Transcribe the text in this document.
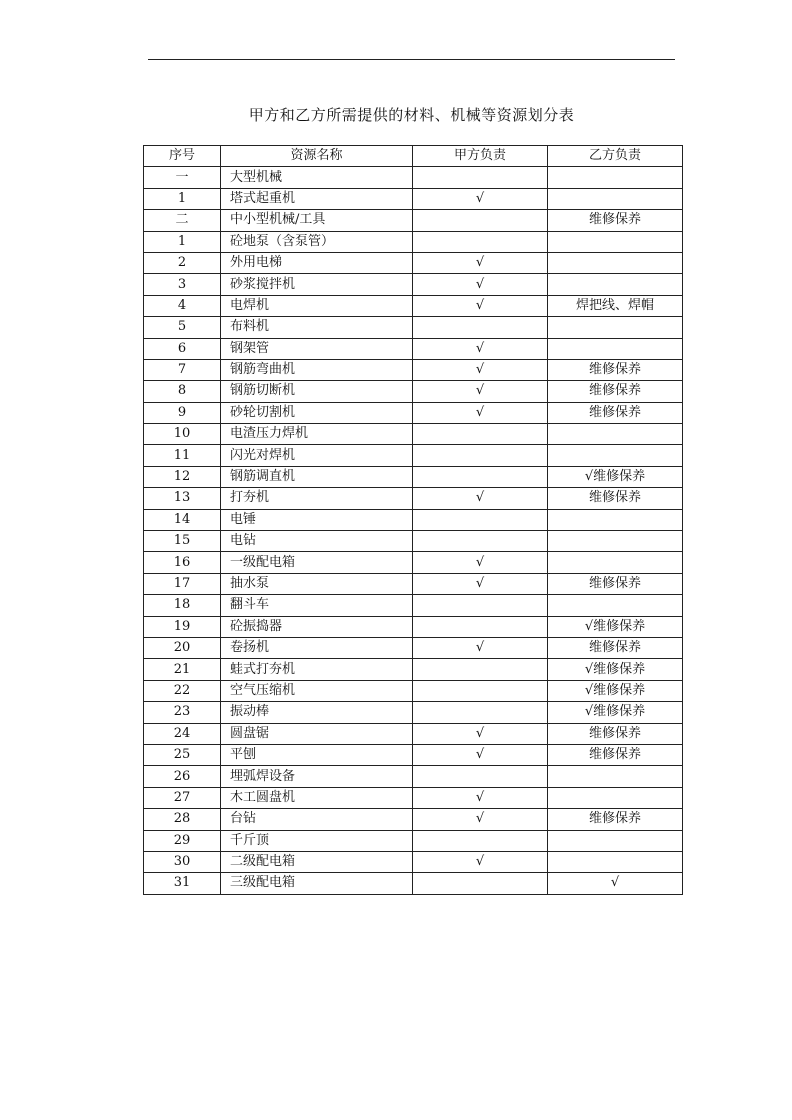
甲方和乙方所需提供的材料、机械等资源划分表
序号	资源名称	甲方负责	乙方负责
一	大型机械		
1	塔式起重机	√	
二	中小型机械/工具		维修保养
1	砼地泵（含泵管）		
2	外用电梯	√	
3	砂浆搅拌机	√	
4	电焊机	√	焊把线、焊帽
5	布料机		
6	钢架管	√	
7	钢筋弯曲机	√	维修保养
8	钢筋切断机	√	维修保养
9	砂轮切割机	√	维修保养
10	电渣压力焊机		
11	闪光对焊机		
12	钢筋调直机		√维修保养
13	打夯机	√	维修保养
14	电锤		
15	电钻		
16	一级配电箱	√	
17	抽水泵	√	维修保养
18	翻斗车		
19	砼振捣器		√维修保养
20	卷扬机	√	维修保养
21	蛙式打夯机		√维修保养
22	空气压缩机		√维修保养
23	振动棒		√维修保养
24	圆盘锯	√	维修保养
25	平刨	√	维修保养
26	埋弧焊设备		
27	木工圆盘机	√	
28	台钻	√	维修保养
29	千斤顶		
30	二级配电箱	√	
31	三级配电箱		√
